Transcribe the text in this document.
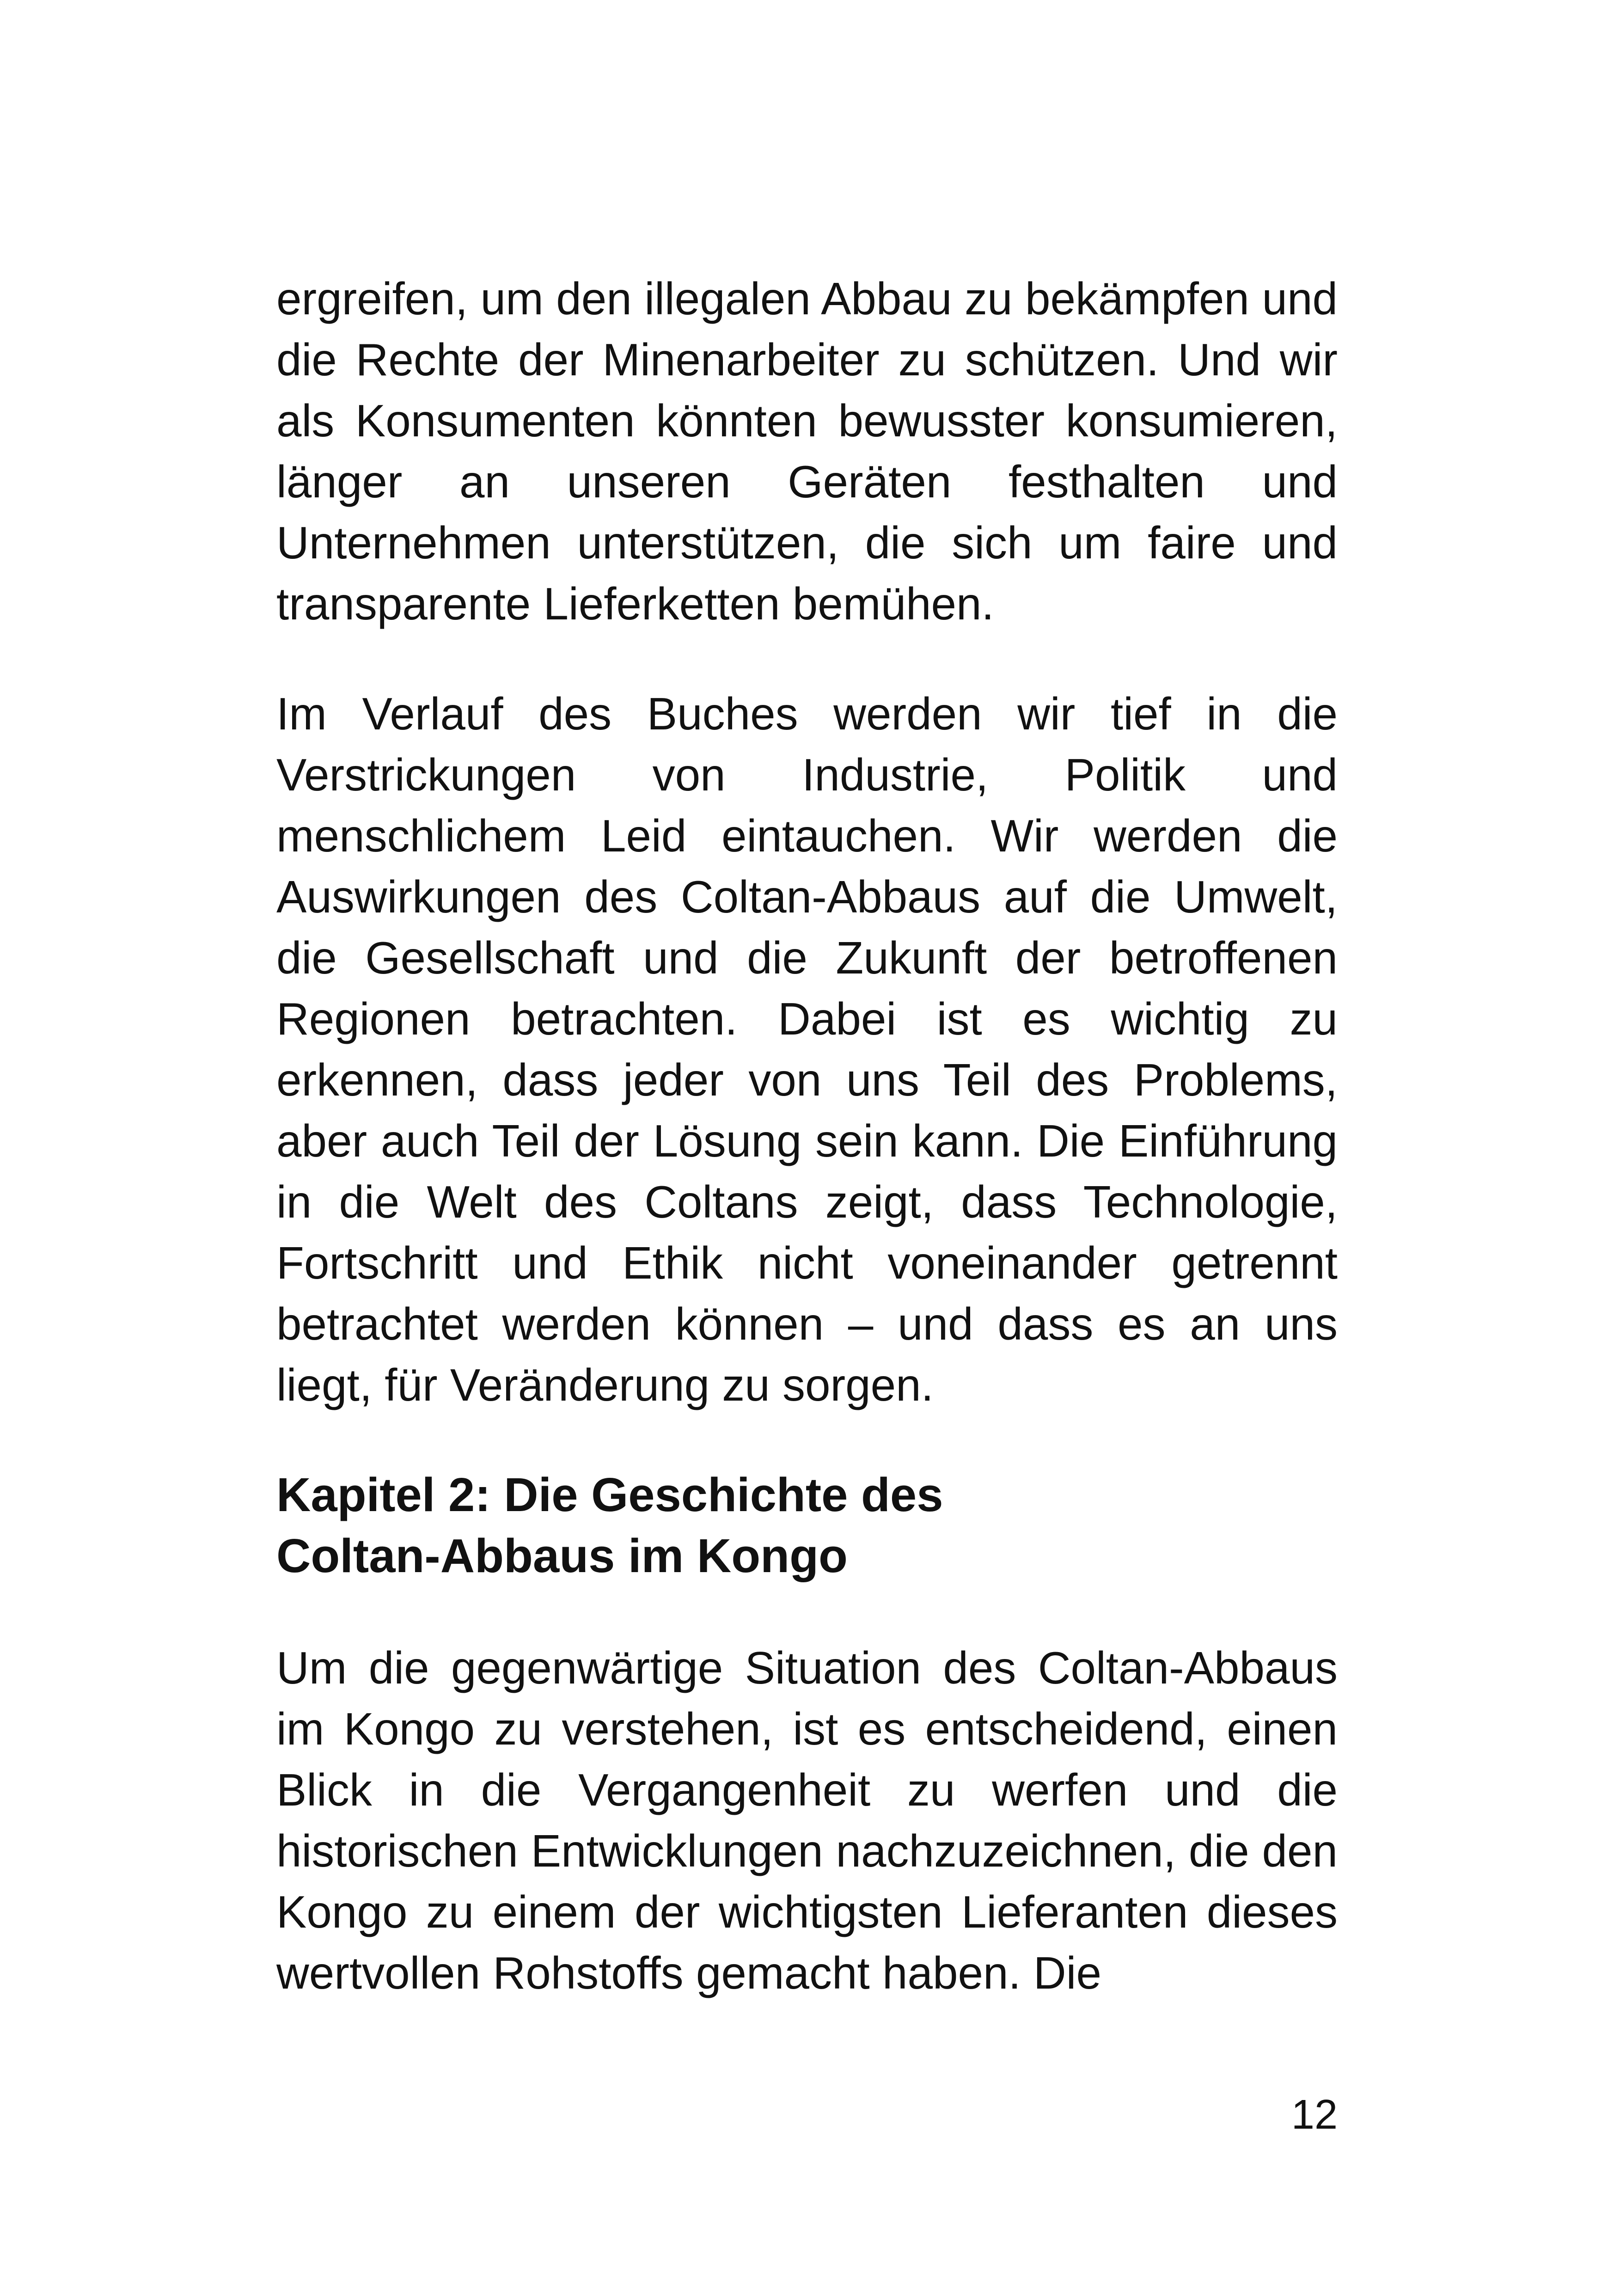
ergreifen, um den illegalen Abbau zu bekämpfen und die Rechte der Minenarbeiter zu schützen. Und wir als Konsumenten könnten bewusster konsumieren, länger an unseren Geräten festhalten und Unternehmen unterstützen, die sich um faire und transparente Lieferketten bemühen.

Im Verlauf des Buches werden wir tief in die Verstrickungen von Industrie, Politik und menschlichem Leid eintauchen. Wir werden die Auswirkungen des Coltan-Abbaus auf die Umwelt, die Gesellschaft und die Zukunft der betroffenen Regionen betrachten. Dabei ist es wichtig zu erkennen, dass jeder von uns Teil des Problems, aber auch Teil der Lösung sein kann. Die Einführung in die Welt des Coltans zeigt, dass Technologie, Fortschritt und Ethik nicht voneinander getrennt betrachtet werden können – und dass es an uns liegt, für Veränderung zu sorgen.

Kapitel 2: Die Geschichte des
Coltan-Abbaus im Kongo

Um die gegenwärtige Situation des Coltan-Abbaus im Kongo zu verstehen, ist es entscheidend, einen Blick in die Vergangenheit zu werfen und die historischen Entwicklungen nachzuzeichnen, die den Kongo zu einem der wichtigsten Lieferanten dieses wertvollen Rohstoffs gemacht haben. Die

12
